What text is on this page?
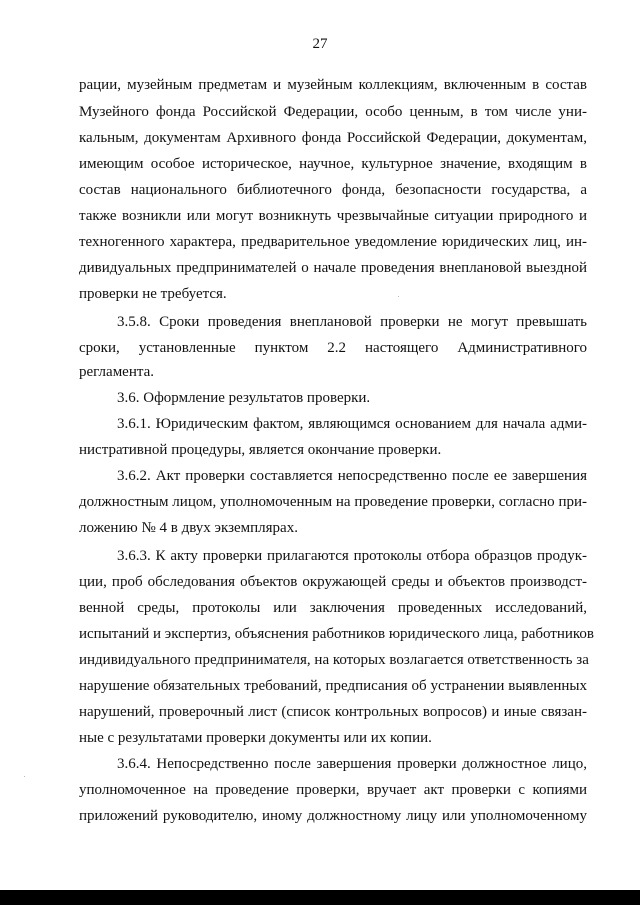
27
рации, музейным предметам и музейным коллекциям, включенным в состав
Музейного фонда Российской Федерации, особо ценным, в том числе уни-
кальным, документам Архивного фонда Российской Федерации, документам,
имеющим особое историческое, научное, культурное значение, входящим в
состав национального библиотечного фонда, безопасности государства, а
также возникли или могут возникнуть чрезвычайные ситуации природного и
техногенного характера, предварительное уведомление юридических лиц, ин-
дивидуальных предпринимателей о начале проведения внеплановой выездной
проверки не требуется.
3.5.8. Сроки проведения внеплановой проверки не могут превышать
сроки, установленные пунктом 2.2 настоящего Административного
регламента.
3.6. Оформление результатов проверки.
3.6.1. Юридическим фактом, являющимся основанием для начала адми-
нистративной процедуры, является окончание проверки.
3.6.2. Акт проверки составляется непосредственно после ее завершения
должностным лицом, уполномоченным на проведение проверки, согласно при-
ложению № 4 в двух экземплярах.
3.6.3. К акту проверки прилагаются протоколы отбора образцов продук-
ции, проб обследования объектов окружающей среды и объектов производст-
венной среды, протоколы или заключения проведенных исследований,
испытаний и экспертиз, объяснения работников юридического лица, работников
индивидуального предпринимателя, на которых возлагается ответственность за
нарушение обязательных требований, предписания об устранении выявленных
нарушений, проверочный лист (список контрольных вопросов) и иные связан-
ные с результатами проверки документы или их копии.
3.6.4. Непосредственно после завершения проверки должностное лицо,
уполномоченное на проведение проверки, вручает акт проверки с копиями
приложений руководителю, иному должностному лицу или уполномоченному
